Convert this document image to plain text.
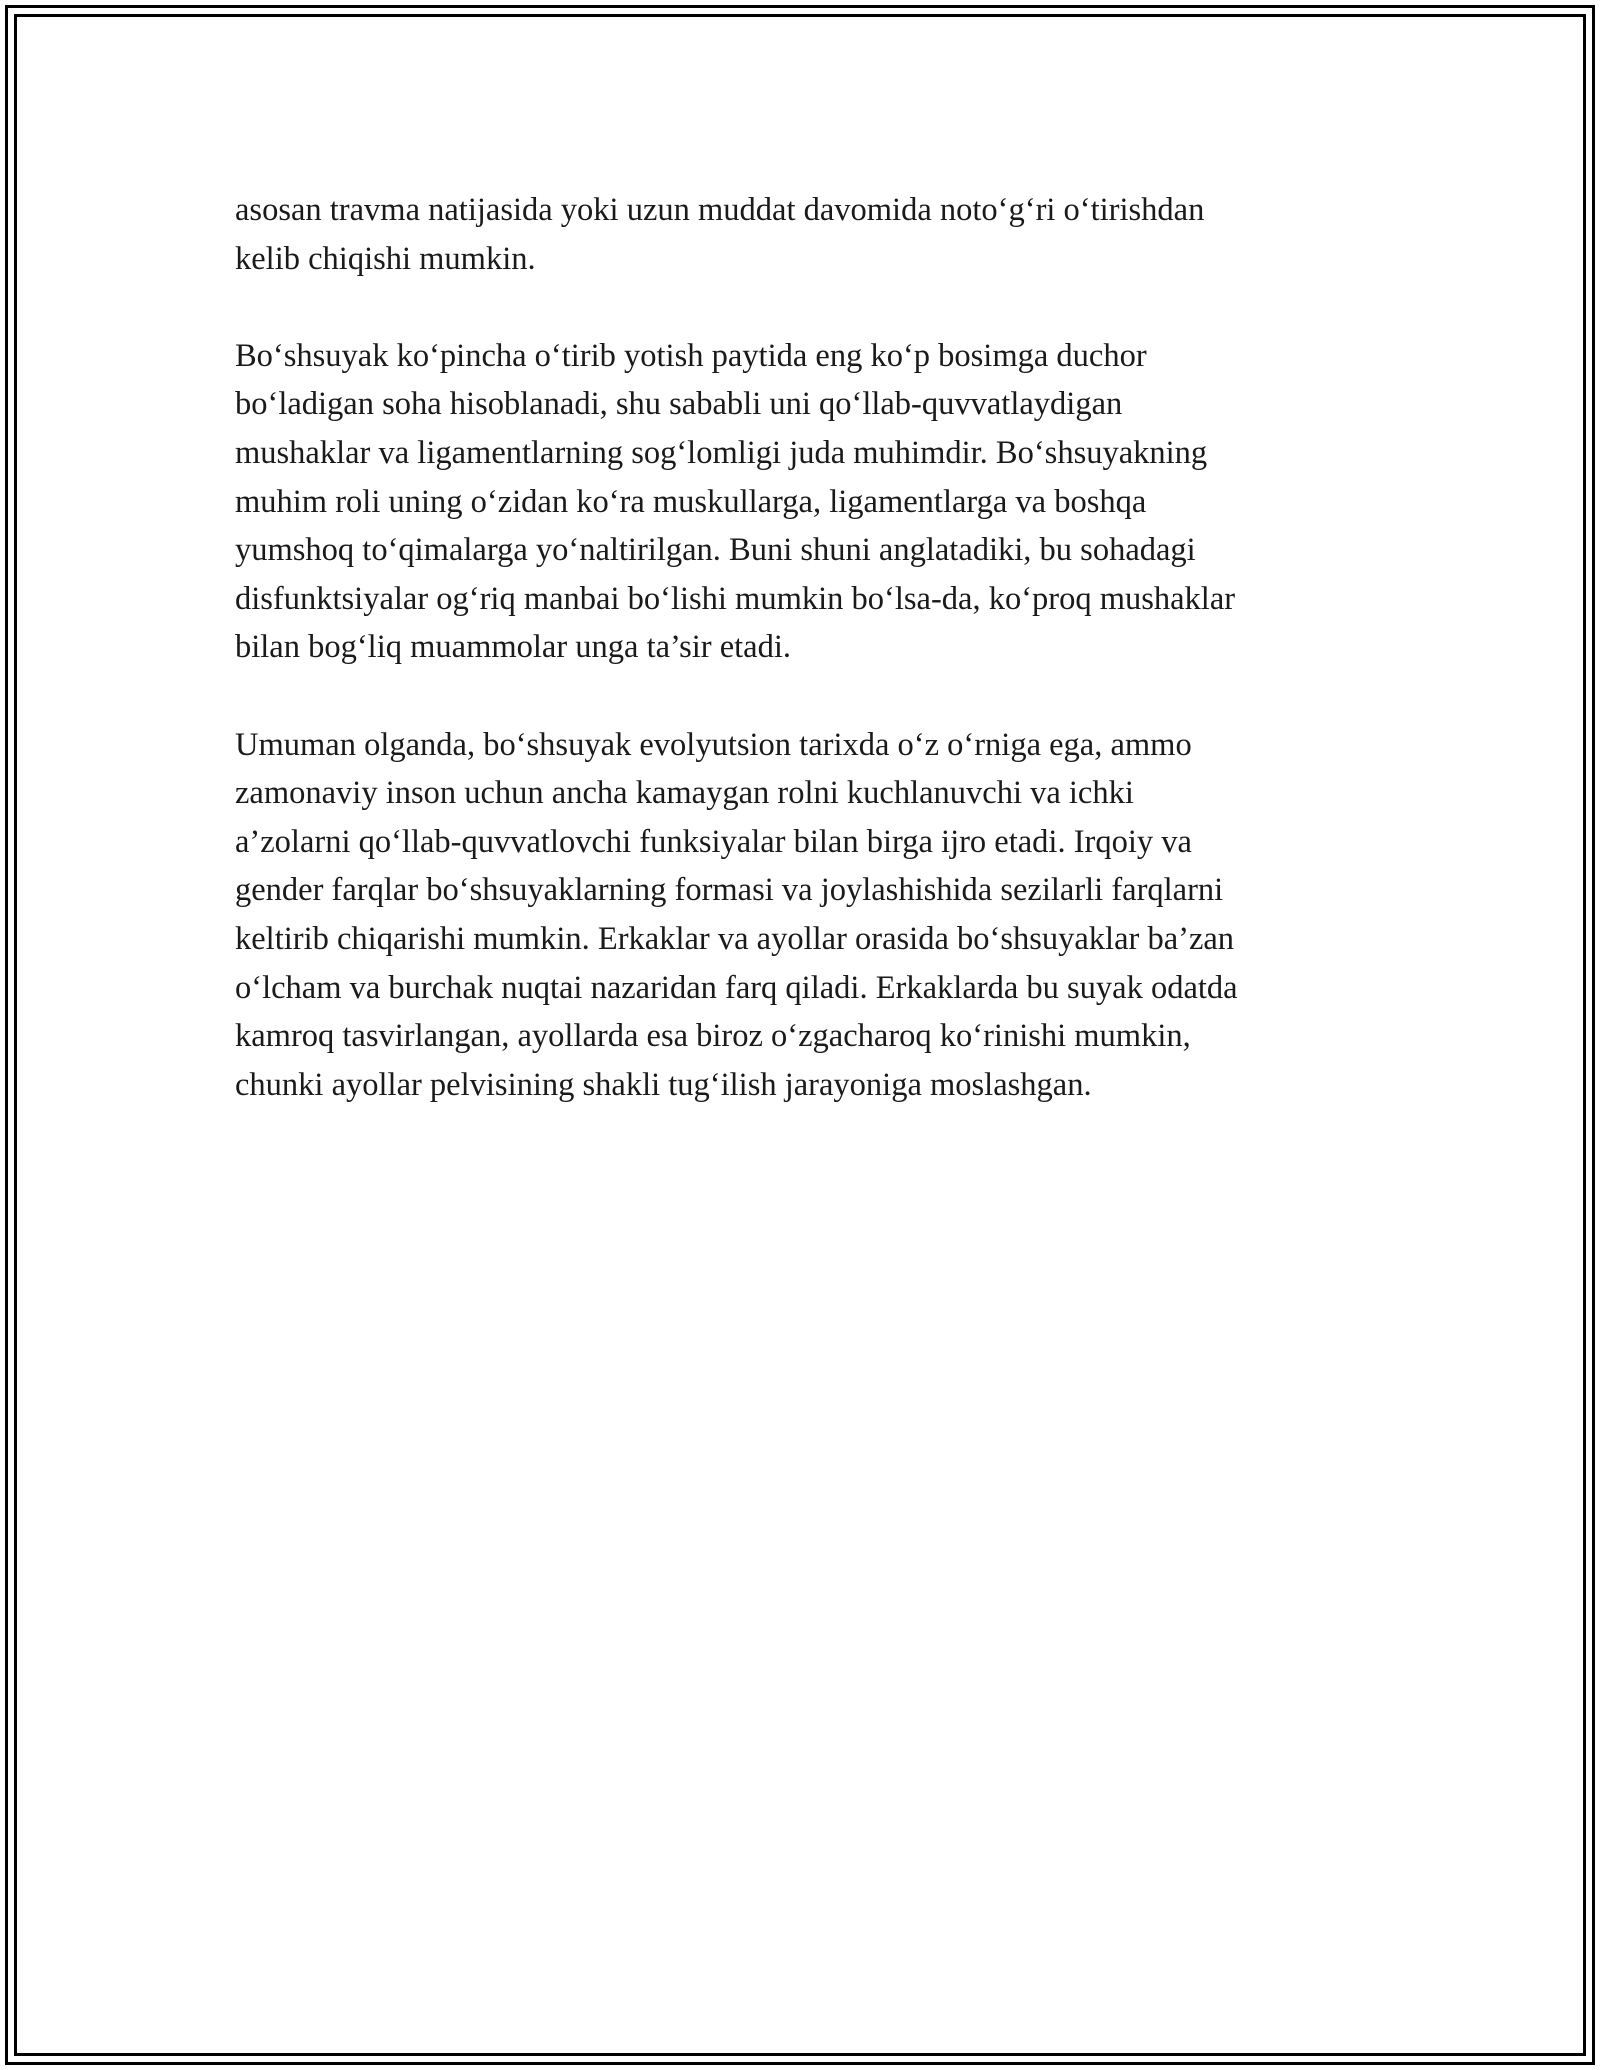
asosan travma natijasida yoki uzun muddat davomida noto‘g‘ri o‘tirishdan
kelib chiqishi mumkin.

Bo‘shsuyak ko‘pincha o‘tirib yotish paytida eng ko‘p bosimga duchor
bo‘ladigan soha hisoblanadi, shu sababli uni qo‘llab-quvvatlaydigan
mushaklar va ligamentlarning sog‘lomligi juda muhimdir. Bo‘shsuyakning
muhim roli uning o‘zidan ko‘ra muskullarga, ligamentlarga va boshqa
yumshoq to‘qimalarga yo‘naltirilgan. Buni shuni anglatadiki, bu sohadagi
disfunktsiyalar og‘riq manbai bo‘lishi mumkin bo‘lsa-da, ko‘proq mushaklar
bilan bog‘liq muammolar unga ta’sir etadi.

Umuman olganda, bo‘shsuyak evolyutsion tarixda o‘z o‘rniga ega, ammo
zamonaviy inson uchun ancha kamaygan rolni kuchlanuvchi va ichki
a’zolarni qo‘llab-quvvatlovchi funksiyalar bilan birga ijro etadi. Irqoiy va
gender farqlar bo‘shsuyaklarning formasi va joylashishida sezilarli farqlarni
keltirib chiqarishi mumkin. Erkaklar va ayollar orasida bo‘shsuyaklar ba’zan
o‘lcham va burchak nuqtai nazaridan farq qiladi. Erkaklarda bu suyak odatda
kamroq tasvirlangan, ayollarda esa biroz o‘zgacharoq ko‘rinishi mumkin,
chunki ayollar pelvisining shakli tug‘ilish jarayoniga moslashgan.
